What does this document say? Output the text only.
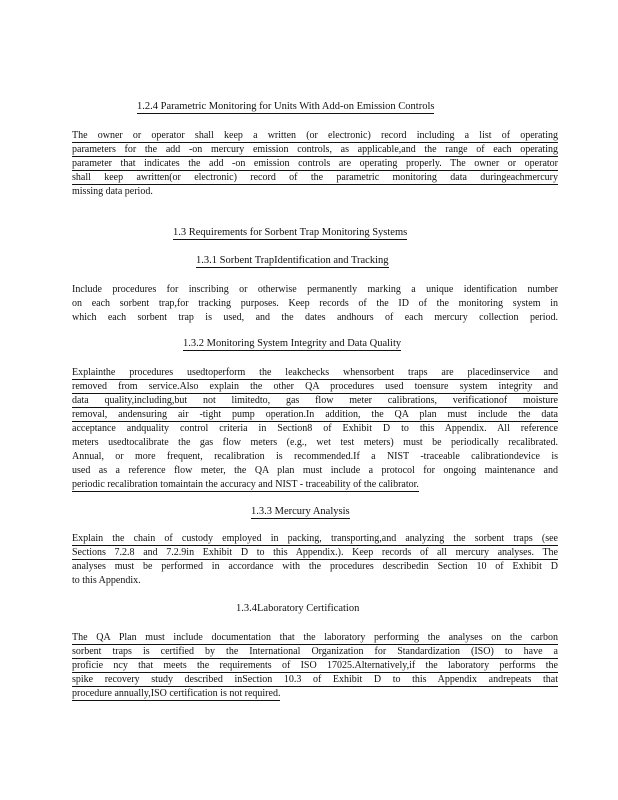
1.2.4 Parametric Monitoring for Units With Add-on Emission Controls
The owner or operator shall keep a written (or electronic) record including a list of operating
parameters for the add -on mercury emission controls, as applicable,and the range of each operating
parameter that indicates the add -on emission controls are operating properly. The owner or operator
shall keep awritten(or electronic) record of the parametric monitoring data duringeachmercury
missing data period.
1.3 Requirements for Sorbent Trap Monitoring Systems
1.3.1 Sorbent TrapIdentification and Tracking
Include procedures for inscribing or otherwise permanently marking a unique identification number
on each sorbent trap,for tracking purposes. Keep records of the ID of the monitoring system in
which each sorbent trap is used, and the dates andhours of each mercury collection period.
1.3.2 Monitoring System Integrity and Data Quality
Explainthe procedures usedtoperform the leakchecks whensorbent traps are placedinservice and
removed from service.Also explain the other QA procedures used toensure system integrity and
data quality,including,but not limitedto, gas flow meter calibrations, verificationof moisture
removal, andensuring air -tight pump operation.In addition, the QA plan must include the data
acceptance andquality control criteria in Section8 of Exhibit D to this Appendix. All reference
meters usedtocalibrate the gas flow meters (e.g., wet test meters) must be periodically recalibrated.
Annual, or more frequent, recalibration is recommended.If a NIST -traceable calibrationdevice is
used as a reference flow meter, the QA plan must include a protocol for ongoing maintenance and
periodic recalibration tomaintain the accuracy and NIST - traceability of the calibrator.
1.3.3 Mercury Analysis
Explain the chain of custody employed in packing, transporting,and analyzing the sorbent traps (see
Sections 7.2.8 and 7.2.9in Exhibit D to this Appendix.). Keep records of all mercury analyses. The
analyses must be performed in accordance with the procedures describedin Section 10 of Exhibit D
to this Appendix.
1.3.4Laboratory Certification
The QA Plan must include documentation that the laboratory performing the analyses on the carbon
sorbent traps is certified by the International Organization for Standardization (ISO) to have a
proficie ncy that meets the requirements of ISO 17025.Alternatively,if the laboratory performs the
spike recovery study described inSection 10.3 of Exhibit D to this Appendix andrepeats that
procedure annually,ISO certification is not required.
